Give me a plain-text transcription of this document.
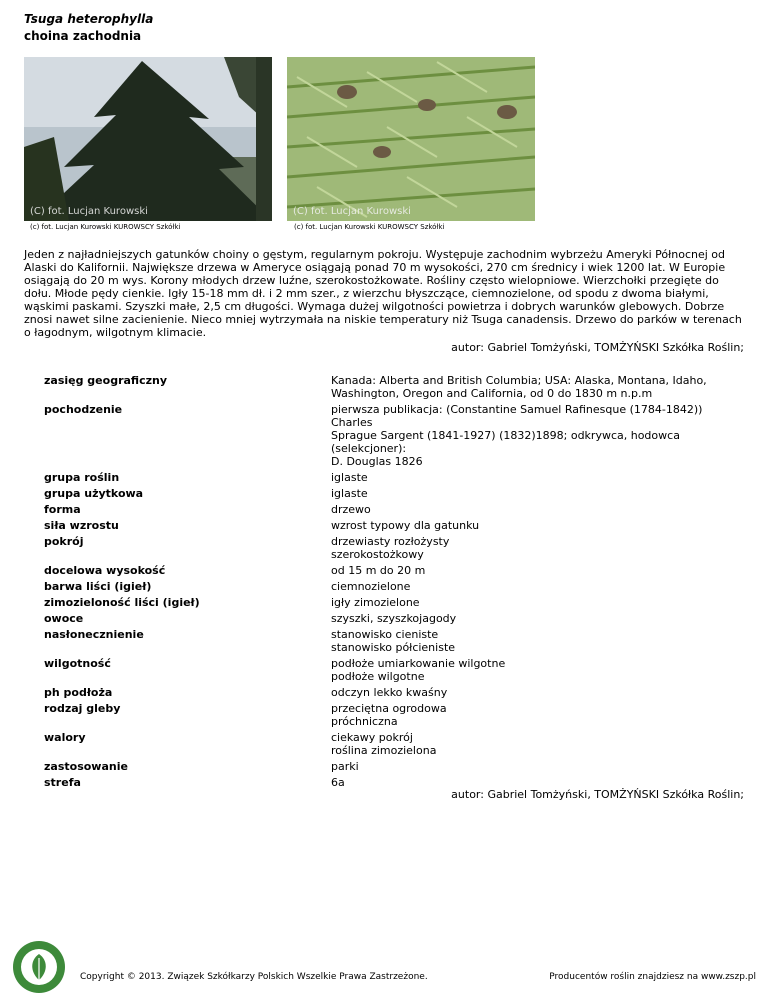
Tsuga heterophylla
choina zachodnia
(C) fot. Lucjan Kurowski
(c) fot. Lucjan Kurowski KUROWSCY Szkółki
(C) fot. Lucjan Kurowski
(c) fot. Lucjan Kurowski KUROWSCY Szkółki
Jeden z najładniejszych gatunków choiny o gęstym, regularnym pokroju. Występuje zachodnim wybrzeżu Ameryki Północnej od Alaski do Kalifornii. Największe drzewa w Ameryce osiągają ponad 70 m wysokości, 270 cm średnicy i wiek 1200 lat. W Europie osiągają do 20 m wys. Korony młodych drzew luźne, szerokostożkowate. Rośliny często wielopniowe. Wierzchołki przegięte do dołu. Młode pędy cienkie. Igły 15-18 mm dł. i 2 mm szer., z wierzchu błyszczące, ciemnozielone, od spodu z dwoma białymi, wąskimi paskami. Szyszki małe, 2,5 cm długości. Wymaga dużej wilgotności powietrza i dobrych warunków glebowych. Dobrze znosi nawet silne zacienienie. Nieco mniej wytrzymała na niskie temperatury niż Tsuga canadensis. Drzewo do parków w terenach o łagodnym, wilgotnym klimacie.
autor: Gabriel Tomżyński, TOMŻYŃSKI Szkółka Roślin;
zasięg geograficzny	Kanada: Alberta and British Columbia; USA: Alaska, Montana, Idaho,
Washington, Oregon and California, od 0 do 1830 m n.p.m
pochodzenie	pierwsza publikacja: (Constantine Samuel Rafinesque (1784-1842)) Charles
Sprague Sargent (1841-1927) (1832)1898; odkrywca, hodowca (selekcjoner):
D. Douglas 1826
grupa roślin	iglaste
grupa użytkowa	iglaste
forma	drzewo
siła wzrostu	wzrost typowy dla gatunku
pokrój	drzewiasty rozłożysty
szerokostożkowy
docelowa wysokość	od 15 m do 20 m
barwa liści (igieł)	ciemnozielone
zimozieloność liści (igieł)	igły zimozielone
owoce	szyszki, szyszkojagody
nasłonecznienie	stanowisko cieniste
stanowisko półcieniste
wilgotność	podłoże umiarkowanie wilgotne
podłoże wilgotne
ph podłoża	odczyn lekko kwaśny
rodzaj gleby	przeciętna ogrodowa
próchniczna
walory	ciekawy pokrój
roślina zimozielona
zastosowanie	parki
strefa	6a
autor: Gabriel Tomżyński, TOMŻYŃSKI Szkółka Roślin;
Copyright © 2013. Związek Szkółkarzy Polskich Wszelkie Prawa Zastrzeżone.	Producentów roślin znajdziesz na www.zszp.pl
